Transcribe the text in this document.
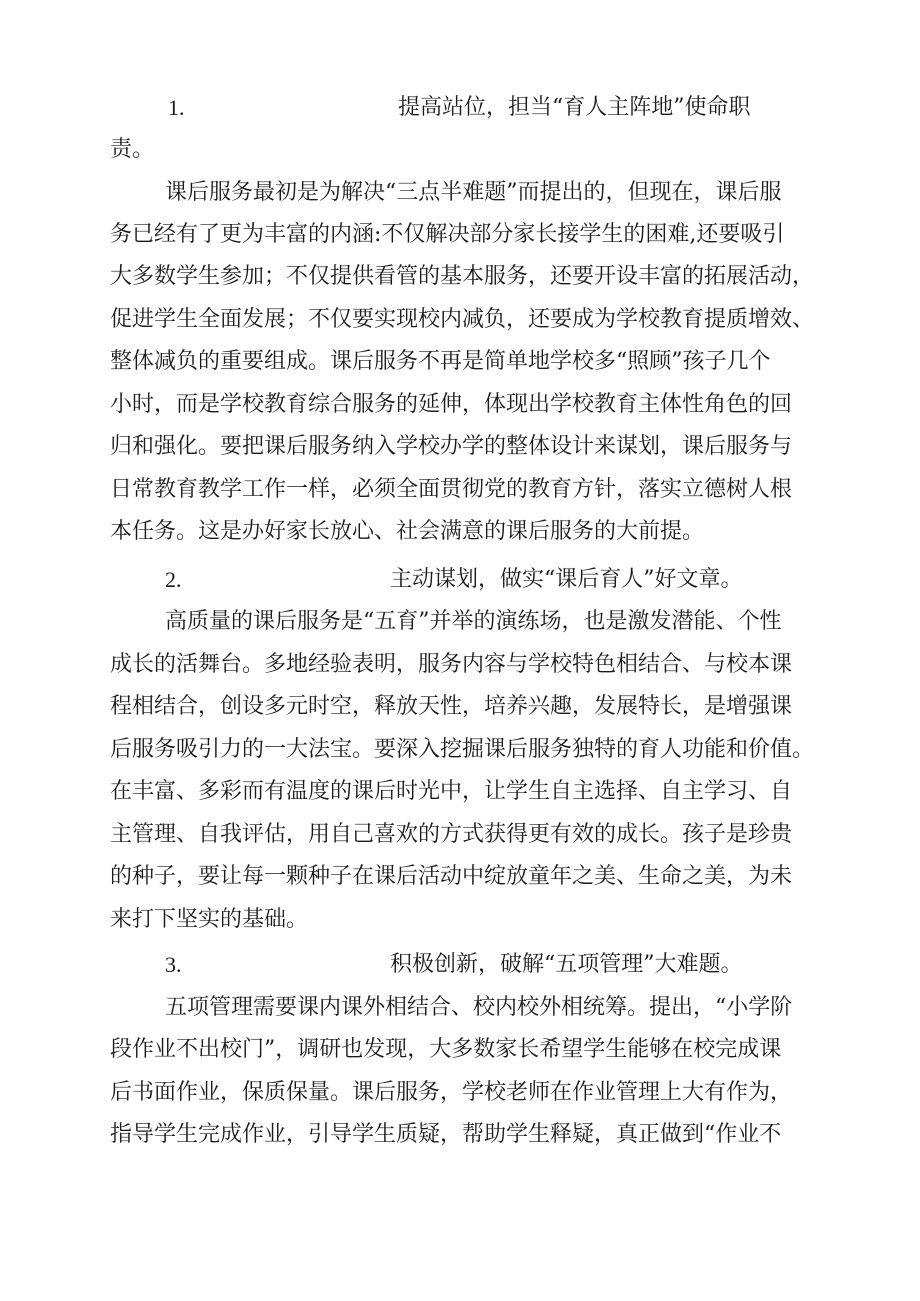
1.	提高站位，担当“育人主阵地”使命职
责。
课后服务最初是为解决“三点半难题”而提出的，但现在，课后服
务已经有了更为丰富的内涵:不仅解决部分家长接学生的困难,还要吸引
大多数学生参加；不仅提供看管的基本服务，还要开设丰富的拓展活动，
促进学生全面发展；不仅要实现校内减负，还要成为学校教育提质增效、
整体减负的重要组成。课后服务不再是简单地学校多“照顾”孩子几个
小时，而是学校教育综合服务的延伸，体现出学校教育主体性角色的回
归和强化。要把课后服务纳入学校办学的整体设计来谋划，课后服务与
日常教育教学工作一样，必须全面贯彻党的教育方针，落实立德树人根
本任务。这是办好家长放心、社会满意的课后服务的大前提。
2.	主动谋划，做实“课后育人”好文章。
高质量的课后服务是“五育”并举的演练场，也是激发潜能、个性
成长的活舞台。多地经验表明，服务内容与学校特色相结合、与校本课
程相结合，创设多元时空，释放天性，培养兴趣，发展特长，是增强课
后服务吸引力的一大法宝。要深入挖掘课后服务独特的育人功能和价值。
在丰富、多彩而有温度的课后时光中，让学生自主选择、自主学习、自
主管理、自我评估，用自己喜欢的方式获得更有效的成长。孩子是珍贵
的种子，要让每一颗种子在课后活动中绽放童年之美、生命之美，为未
来打下坚实的基础。
3.	积极创新，破解“五项管理”大难题。
五项管理需要课内课外相结合、校内校外相统筹。提出，“小学阶
段作业不出校门”，调研也发现，大多数家长希望学生能够在校完成课
后书面作业，保质保量。课后服务，学校老师在作业管理上大有作为，
指导学生完成作业，引导学生质疑，帮助学生释疑，真正做到“作业不
